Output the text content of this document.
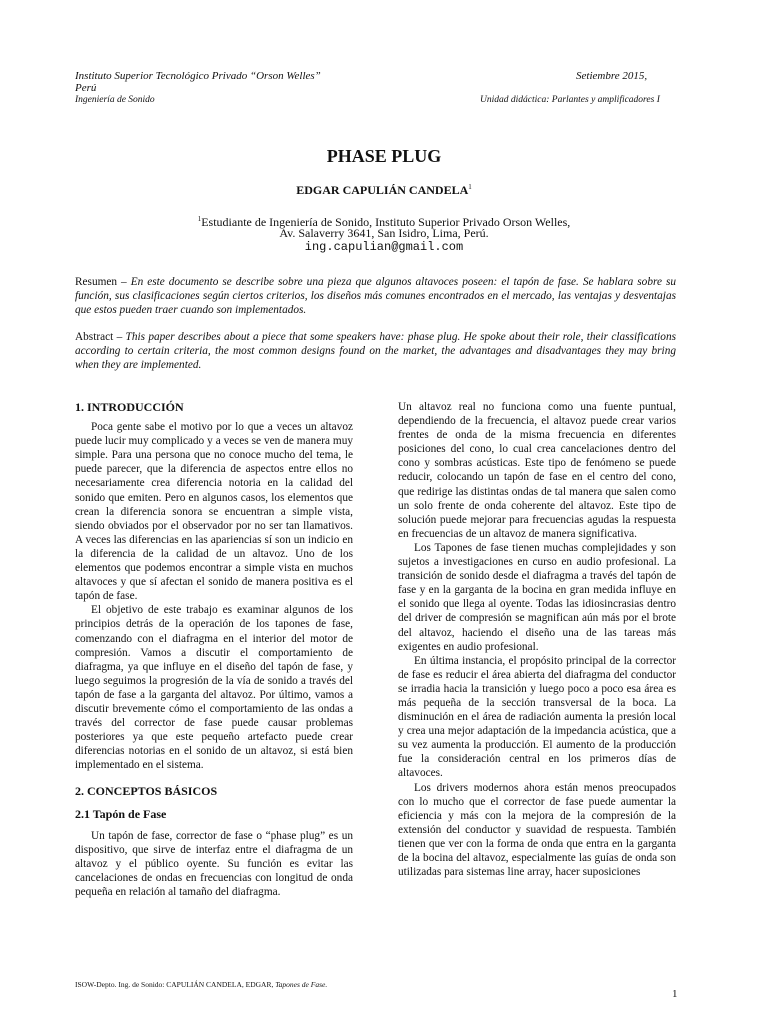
Instituto Superior Tecnológico Privado “Orson Welles”
Perú
Setiembre 2015,
Ingeniería de Sonido	Unidad didáctica: Parlantes y amplificadores I
PHASE PLUG
EDGAR CAPULIÁN CANDELA$^1$
$^1$Estudiante de Ingeniería de Sonido, Instituto Superior Privado Orson Welles,
Av. Salaverry 3641, San Isidro, Lima, Perú.
ing.capulian@gmail.com
Resumen – En este documento se describe sobre una pieza que algunos altavoces poseen: el tapón de fase. Se hablara sobre su función, sus clasificaciones según ciertos criterios, los diseños más comunes encontrados en el mercado, las ventajas y desventajas que estos pueden traer cuando son implementados.
Abstract – This paper describes about a piece that some speakers have: phase plug. He spoke about their role, their classifications according to certain criteria, the most common designs found on the market, the advantages and disadvantages they may bring when they are implemented.
1. INTRODUCCIÓN

Poca gente sabe el motivo por lo que a veces un altavoz puede lucir muy complicado y a veces se ven de manera muy simple. Para una persona que no conoce mucho del tema, le puede parecer, que la diferencia de aspectos entre ellos no necesariamente crea diferencia notoria en la calidad del sonido que emiten. Pero en algunos casos, los elementos que crean la diferencia sonora se encuentran a simple vista, siendo obviados por el observador por no ser tan llamativos. A veces las diferencias en las apariencias sí son un indicio en la diferencia de la calidad de un altavoz. Uno de los elementos que podemos encontrar a simple vista en muchos altavoces y que sí afectan el sonido de manera positiva es el tapón de fase.

El objetivo de este trabajo es examinar algunos de los principios detrás de la operación de los tapones de fase, comenzando con el diafragma en el interior del motor de compresión. Vamos a discutir el comportamiento de diafragma, ya que influye en el diseño del tapón de fase, y luego seguimos la progresión de la vía de sonido a través del tapón de fase a la garganta del altavoz. Por último, vamos a discutir brevemente cómo el comportamiento de las ondas a través del corrector de fase puede causar problemas posteriores ya que este pequeño artefacto puede crear diferencias notorias en el sonido de un altavoz, si está bien implementado en el sistema.

2. CONCEPTOS BÁSICOS
2.1 Tapón de Fase

Un tapón de fase, corrector de fase o “phase plug” es un dispositivo, que sirve de interfaz entre el diafragma de un altavoz y el público oyente. Su función es evitar las cancelaciones de ondas en frecuencias con longitud de onda pequeña en relación al tamaño del diafragma.

Un altavoz real no funciona como una fuente puntual, dependiendo de la frecuencia, el altavoz puede crear varios frentes de onda de la misma frecuencia en diferentes posiciones del cono, lo cual crea cancelaciones dentro del cono y sombras acústicas. Este tipo de fenómeno se puede reducir, colocando un tapón de fase en el centro del cono, que redirige las distintas ondas de tal manera que salen como un solo frente de onda coherente del altavoz. Este tipo de solución puede mejorar para frecuencias agudas la respuesta en frecuencias de un altavoz de manera significativa.

Los Tapones de fase tienen muchas complejidades y son sujetos a investigaciones en curso en audio profesional. La transición de sonido desde el diafragma a través del tapón de fase y en la garganta de la bocina en gran medida influye en el sonido que llega al oyente. Todas las idiosincrasias dentro del driver de compresión se magnifican aún más por el brote del altavoz, haciendo el diseño una de las tareas más exigentes en audio profesional.

En última instancia, el propósito principal de la corrector de fase es reducir el área abierta del diafragma del conductor se irradia hacia la transición y luego poco a poco esa área es más pequeña de la sección transversal de la boca. La disminución en el área de radiación aumenta la presión local y crea una mejor adaptación de la impedancia acústica, que a su vez aumenta la producción. El aumento de la producción fue la consideración central en los primeros días de altavoces.

Los drivers modernos ahora están menos preocupados con lo mucho que el corrector de fase puede aumentar la eficiencia y más con la mejora de la compresión de la extensión del conductor y suavidad de respuesta. También tienen que ver con la forma de onda que entra en la garganta de la bocina del altavoz, especialmente las guías de onda son utilizadas para sistemas line array, hacer suposiciones

ISOW-Depto. Ing. de Sonido: CAPULIÁN CANDELA, EDGAR, Tapones de Fase.
1
